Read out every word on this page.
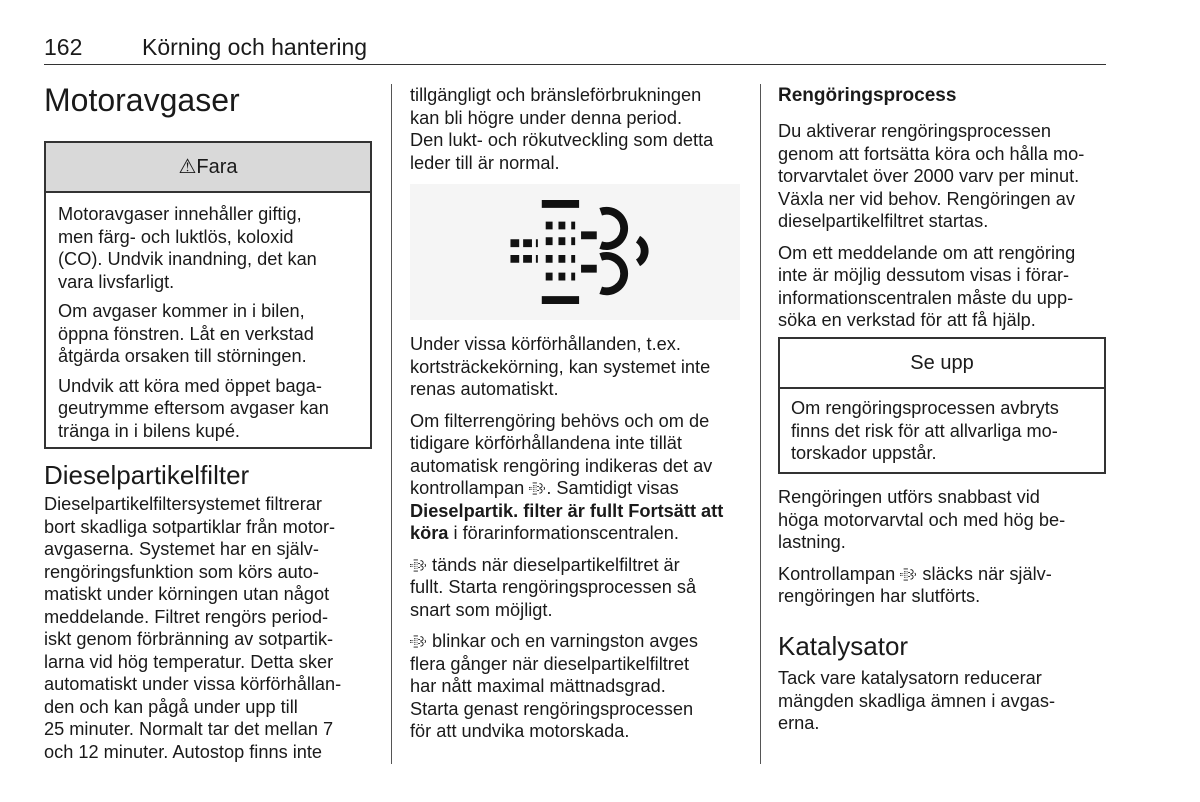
162	Körning och hantering
Motoravgaser
⚠Fara

Motoravgaser innehåller giftig,
men färg- och luktlös, koloxid
(CO). Undvik inandning, det kan
vara livsfarligt.

Om avgaser kommer in i bilen,
öppna fönstren. Låt en verkstad
åtgärda orsaken till störningen.

Undvik att köra med öppet baga-
geutrymme eftersom avgaser kan
tränga in i bilens kupé.

Dieselpartikelfilter

Dieselpartikelfiltersystemet filtrerar
bort skadliga sotpartiklar från motor-
avgaserna. Systemet har en själv-
rengöringsfunktion som körs auto-
matiskt under körningen utan något
meddelande. Filtret rengörs period-
iskt genom förbränning av sotpartik-
larna vid hög temperatur. Detta sker
automatiskt under vissa körförhållan-
den och kan pågå under upp till
25 minuter. Normalt tar det mellan 7
och 12 minuter. Autostop finns inte

tillgängligt och bränsleförbrukningen
kan bli högre under denna period.
Den lukt- och rökutveckling som detta
leder till är normal.

Under vissa körförhållanden, t.ex.
kortsträckekörning, kan systemet inte
renas automatiskt.

Om filterrengöring behövs och om de
tidigare körförhållandena inte tillät
automatisk rengöring indikeras det av
kontrollampan . Samtidigt visas
Dieselpartik. filter är fullt Fortsätt att
köra i förarinformationscentralen.

tänds när dieselpartikelfiltret är
fullt. Starta rengöringsprocessen så
snart som möjligt.

blinkar och en varningston avges
flera gånger när dieselpartikelfiltret
har nått maximal mättnadsgrad.
Starta genast rengöringsprocessen
för att undvika motorskada.

Rengöringsprocess

Du aktiverar rengöringsprocessen
genom att fortsätta köra och hålla mo-
torvarvtalet över 2000 varv per minut.
Växla ner vid behov. Rengöringen av
dieselpartikelfiltret startas.

Om ett meddelande om att rengöring
inte är möjlig dessutom visas i förar-
informationscentralen måste du upp-
söka en verkstad för att få hjälp.

Se upp

Om rengöringsprocessen avbryts
finns det risk för att allvarliga mo-
torskador uppstår.

Rengöringen utförs snabbast vid
höga motorvarvtal och med hög be-
lastning.

Kontrollampan  släcks när själv-
rengöringen har slutförts.

Katalysator

Tack vare katalysatorn reducerar
mängden skadliga ämnen i avgas-
erna.
